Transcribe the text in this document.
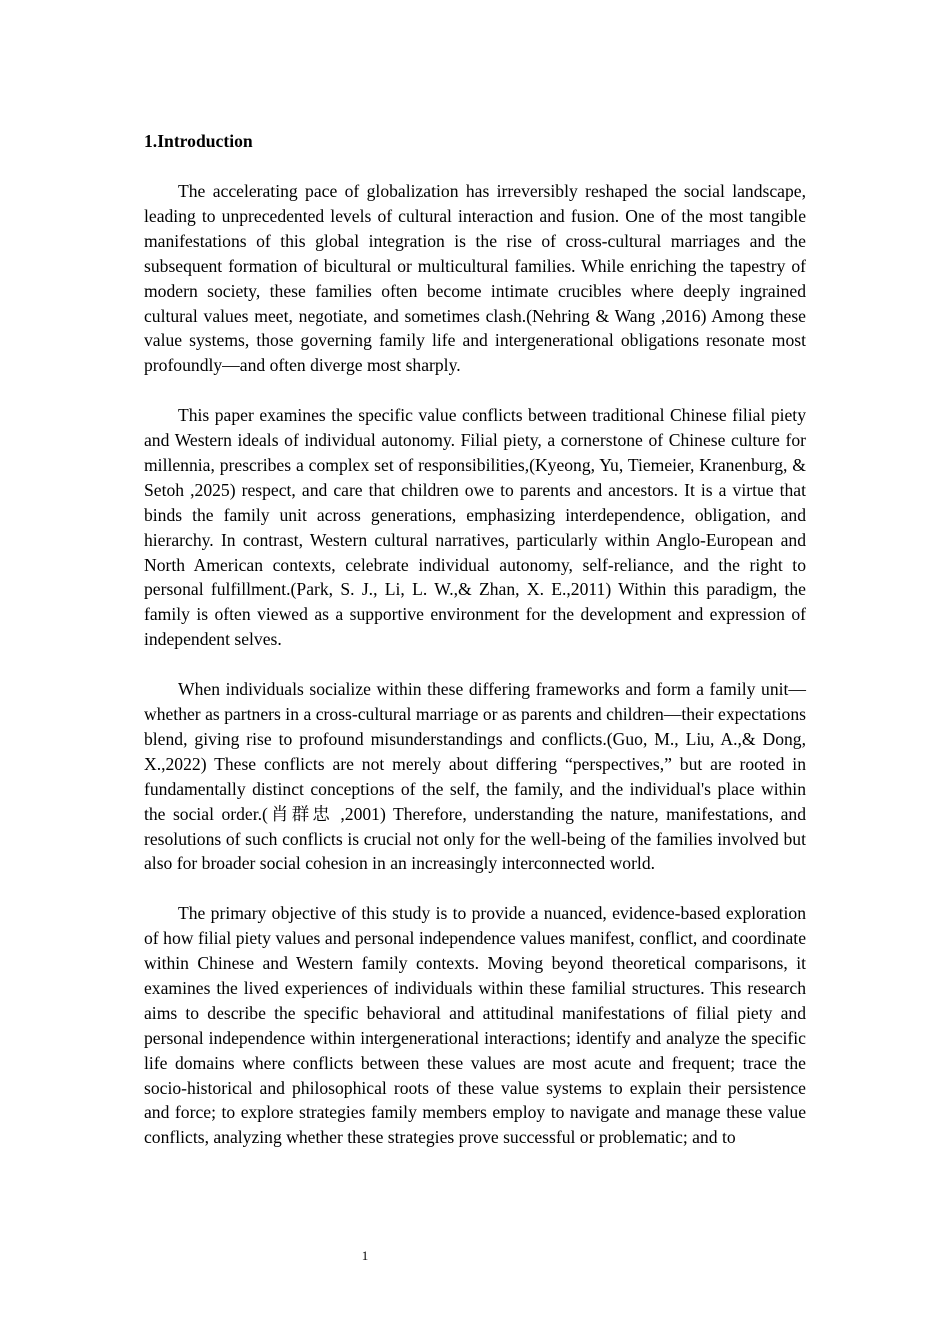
1.Introduction

The accelerating pace of globalization has irreversibly reshaped the social landscape, leading to unprecedented levels of cultural interaction and fusion. One of the most tangible manifestations of this global integration is the rise of cross-cultural marriages and the subsequent formation of bicultural or multicultural families. While enriching the tapestry of modern society, these families often become intimate crucibles where deeply ingrained cultural values meet, negotiate, and sometimes clash.(Nehring & Wang ,2016) Among these value systems, those governing family life and intergenerational obligations resonate most profoundly—and often diverge most sharply.

This paper examines the specific value conflicts between traditional Chinese filial piety and Western ideals of individual autonomy. Filial piety, a cornerstone of Chinese culture for millennia, prescribes a complex set of responsibilities,(Kyeong, Yu, Tiemeier, Kranenburg, & Setoh ,2025) respect, and care that children owe to parents and ancestors. It is a virtue that binds the family unit across generations, emphasizing interdependence, obligation, and hierarchy. In contrast, Western cultural narratives, particularly within Anglo-European and North American contexts, celebrate individual autonomy, self-reliance, and the right to personal fulfillment.(Park, S. J., Li, L. W.,& Zhan, X. E.,2011) Within this paradigm, the family is often viewed as a supportive environment for the development and expression of independent selves.

When individuals socialize within these differing frameworks and form a family unit—whether as partners in a cross-cultural marriage or as parents and children—their expectations blend, giving rise to profound misunderstandings and conflicts.(Guo, M., Liu, A.,& Dong, X.,2022) These conflicts are not merely about differing “perspectives,” but are rooted in fundamentally distinct conceptions of the self, the family, and the individual's place within the social order.(肖群忠 ,2001) Therefore, understanding the nature, manifestations, and resolutions of such conflicts is crucial not only for the well-being of the families involved but also for broader social cohesion in an increasingly interconnected world.

The primary objective of this study is to provide a nuanced, evidence-based exploration of how filial piety values and personal independence values manifest, conflict, and coordinate within Chinese and Western family contexts. Moving beyond theoretical comparisons, it examines the lived experiences of individuals within these familial structures. This research aims to describe the specific behavioral and attitudinal manifestations of filial piety and personal independence within intergenerational interactions; identify and analyze the specific life domains where conflicts between these values are most acute and frequent; trace the socio-historical and philosophical roots of these value systems to explain their persistence and force; to explore strategies family members employ to navigate and manage these value conflicts, analyzing whether these strategies prove successful or problematic; and to

1
